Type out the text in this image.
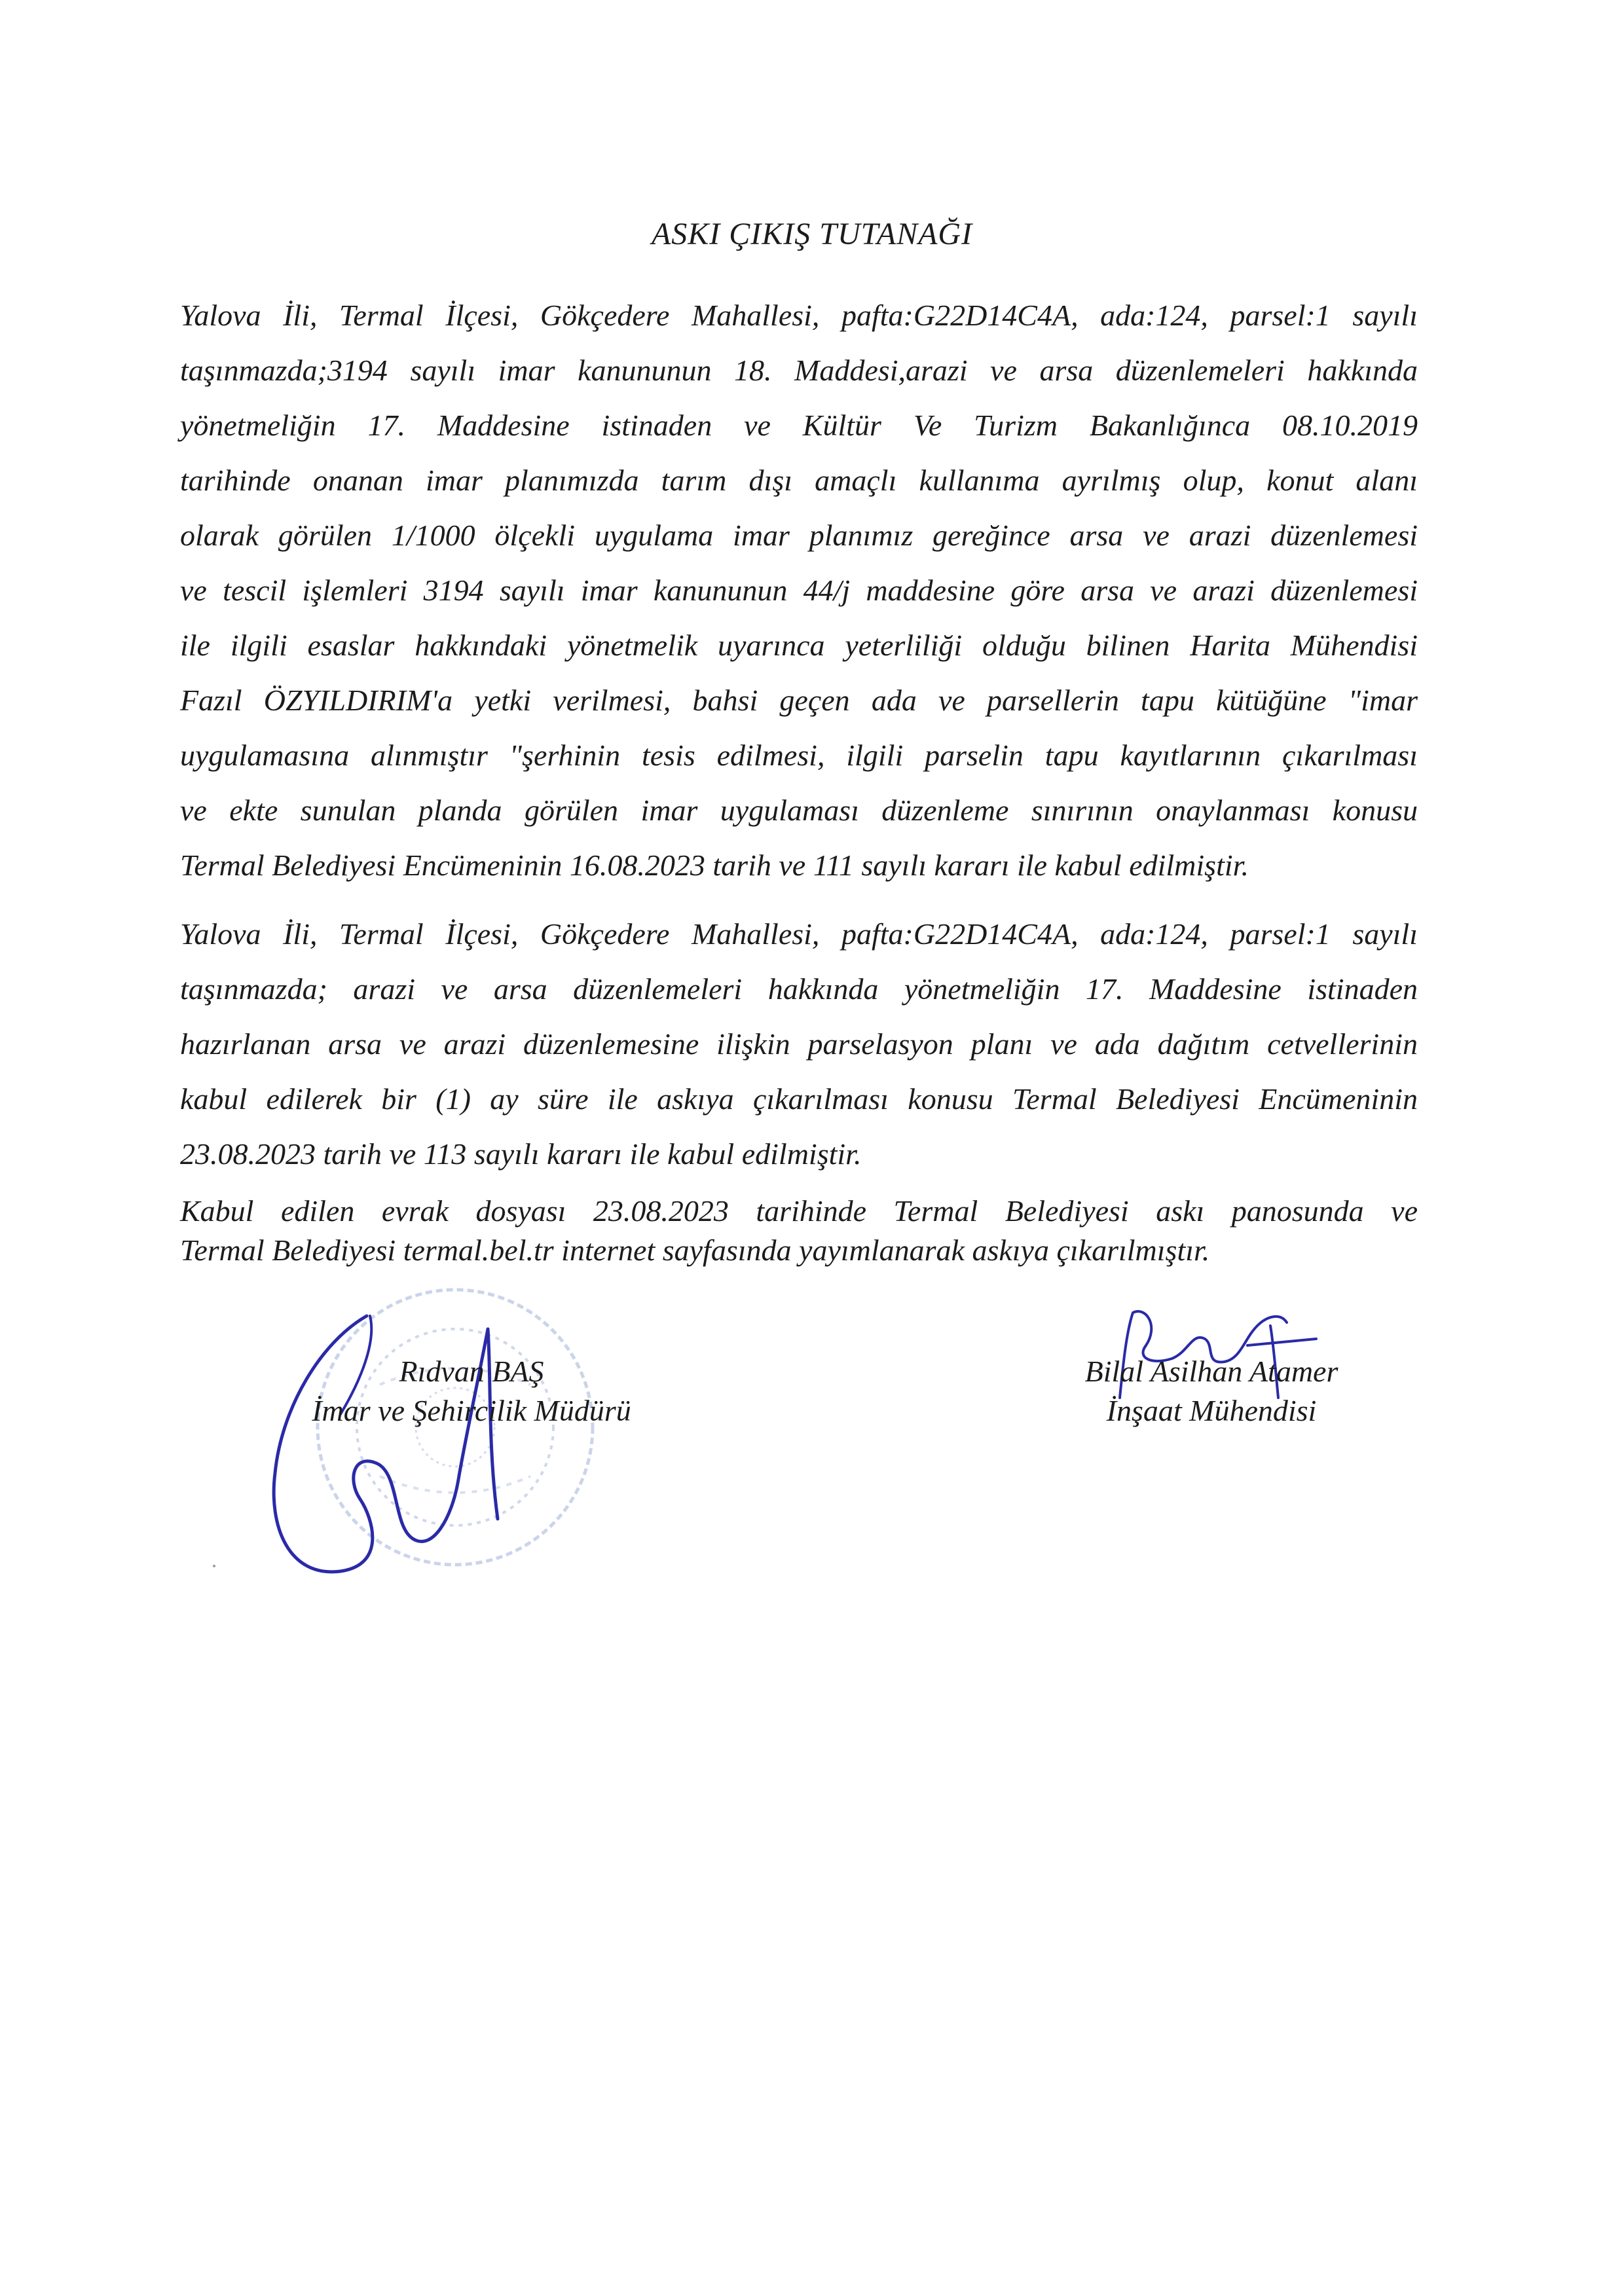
ASKI ÇIKIŞ TUTANAĞI
Yalova İli, Termal İlçesi, Gökçedere Mahallesi, pafta:G22D14C4A, ada:124, parsel:1 sayılı
taşınmazda;3194 sayılı imar kanununun 18. Maddesi,arazi ve arsa düzenlemeleri hakkında
yönetmeliğin 17. Maddesine istinaden ve Kültür Ve Turizm Bakanlığınca 08.10.2019
tarihinde onanan imar planımızda tarım dışı amaçlı kullanıma ayrılmış olup, konut alanı
olarak görülen 1/1000 ölçekli uygulama imar planımız gereğince arsa ve arazi düzenlemesi
ve tescil işlemleri 3194 sayılı imar kanununun 44/j maddesine göre arsa ve arazi düzenlemesi
ile ilgili esaslar hakkındaki yönetmelik uyarınca yeterliliği olduğu bilinen Harita Mühendisi
Fazıl ÖZYILDIRIM'a yetki verilmesi, bahsi geçen ada ve parsellerin tapu kütüğüne "imar
uygulamasına alınmıştır "şerhinin tesis edilmesi, ilgili parselin tapu kayıtlarının çıkarılması
ve ekte sunulan planda görülen imar uygulaması düzenleme sınırının onaylanması konusu
Termal Belediyesi Encümeninin 16.08.2023 tarih ve 111 sayılı kararı ile kabul edilmiştir.
Yalova İli, Termal İlçesi, Gökçedere Mahallesi, pafta:G22D14C4A, ada:124, parsel:1 sayılı
taşınmazda; arazi ve arsa düzenlemeleri hakkında yönetmeliğin 17. Maddesine istinaden
hazırlanan arsa ve arazi düzenlemesine ilişkin parselasyon planı ve ada dağıtım cetvellerinin
kabul edilerek bir (1) ay süre ile askıya çıkarılması konusu Termal Belediyesi Encümeninin
23.08.2023 tarih ve 113 sayılı kararı ile kabul edilmiştir.
Kabul edilen evrak dosyası 23.08.2023 tarihinde Termal Belediyesi askı panosunda ve
Termal Belediyesi termal.bel.tr internet sayfasında yayımlanarak askıya çıkarılmıştır.
Rıdvan BAŞ
İmar ve Şehircilik Müdürü
Bilal Asilhan Atamer
İnşaat Mühendisi
